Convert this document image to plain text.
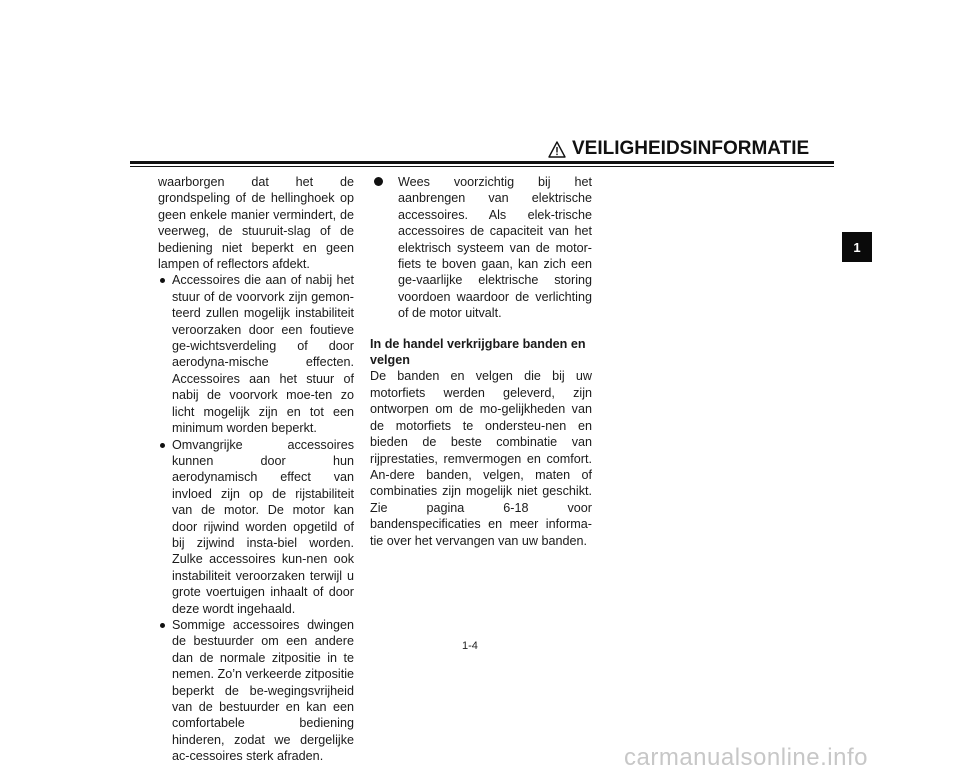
VEILIGHEIDSINFORMATIE

waarborgen dat het de grondspeling of de hellinghoek op geen enkele manier vermindert, de veerweg, de stuuruit-slag of de bediening niet beperkt en geen lampen of reflectors afdekt.

Accessoires die aan of nabij het stuur of de voorvork zijn gemon-teerd zullen mogelijk instabiliteit veroorzaken door een foutieve ge-wichtsverdeling of door aerodyna-mische effecten. Accessoires aan het stuur of nabij de voorvork moe-ten zo licht mogelijk zijn en tot een minimum worden beperkt.
Omvangrijke accessoires kunnen door hun aerodynamisch effect van invloed zijn op de rijstabiliteit van de motor. De motor kan door rijwind worden opgetild of bij zijwind insta-biel worden. Zulke accessoires kun-nen ook instabiliteit veroorzaken terwijl u grote voertuigen inhaalt of door deze wordt ingehaald.
Sommige accessoires dwingen de bestuurder om een andere dan de normale zitpositie in te nemen. Zo’n verkeerde zitpositie beperkt de be-wegingsvrijheid van de bestuurder en kan een comfortabele bediening hinderen, zodat we dergelijke ac-cessoires sterk afraden.
Wees voorzichtig bij het aanbrengen van elektrische accessoires. Als elek-trische accessoires de capaciteit van het elektrisch systeem van de motor-fiets te boven gaan, kan zich een ge-vaarlijke elektrische storing voordoen waardoor de verlichting of de motor uitvalt.

In de handel verkrijgbare banden en velgen

De banden en velgen die bij uw motorfiets werden geleverd, zijn ontworpen om de mo-gelijkheden van de motorfiets te ondersteu-nen en bieden de beste combinatie van rijprestaties, remvermogen en comfort. An-dere banden, velgen, maten of combinaties zijn mogelijk niet geschikt. Zie pagina 6-18 voor bandenspecificaties en meer informa-tie over het vervangen van uw banden.

1-4
1
carmanualsonline.info
